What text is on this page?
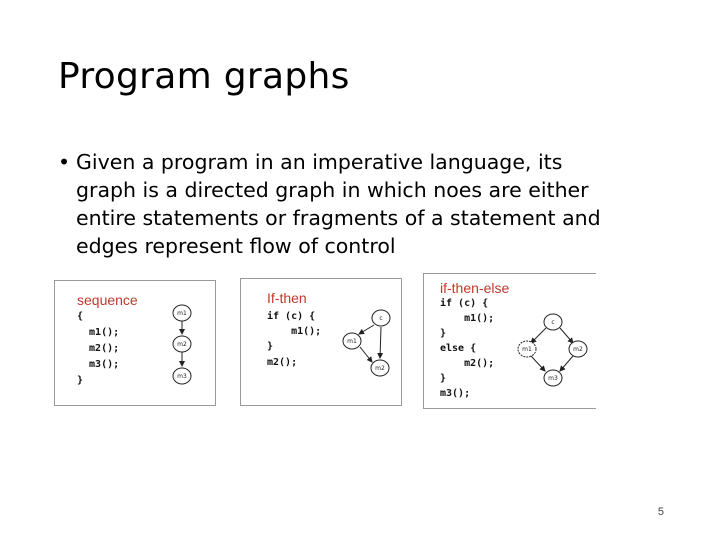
Program graphs
• Given a program in an imperative language, its
graph is a directed graph in which noes are either
entire statements or fragments of a statement and
edges represent flow of control
sequence
{
m1();
m2();
m3();
}
m1
m2
m3
If-then
if (c) {
m1();
}
m2();
c
m1
m2
if-then-else
if (c) {
m1();
}
else {
m2();
}
m3();
c
m1	m2
m3
5
